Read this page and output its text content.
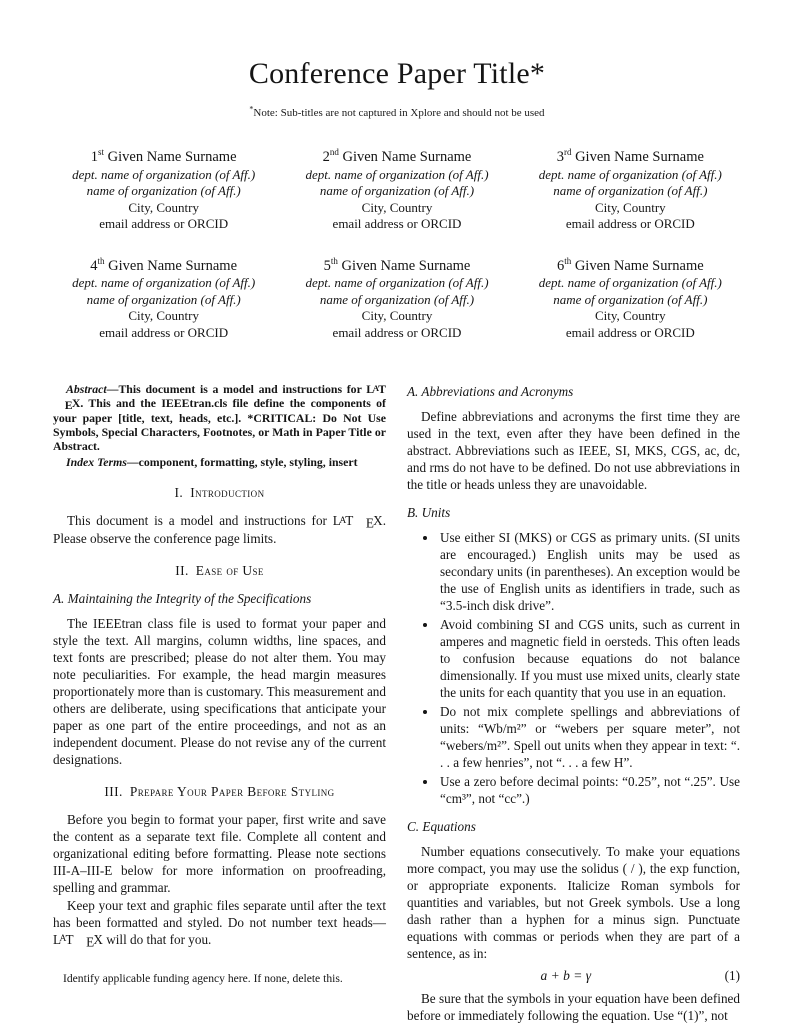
Conference Paper Title*
*Note: Sub-titles are not captured in Xplore and should not be used
1st Given Name Surname
dept. name of organization (of Aff.)
name of organization (of Aff.)
City, Country
email address or ORCID
2nd Given Name Surname
dept. name of organization (of Aff.)
name of organization (of Aff.)
City, Country
email address or ORCID
3rd Given Name Surname
dept. name of organization (of Aff.)
name of organization (of Aff.)
City, Country
email address or ORCID
4th Given Name Surname
dept. name of organization (of Aff.)
name of organization (of Aff.)
City, Country
email address or ORCID
5th Given Name Surname
dept. name of organization (of Aff.)
name of organization (of Aff.)
City, Country
email address or ORCID
6th Given Name Surname
dept. name of organization (of Aff.)
name of organization (of Aff.)
City, Country
email address or ORCID

Abstract—This document is a model and instructions for LATEX. This and the IEEEtran.cls file define the components of your paper [title, text, heads, etc.]. *CRITICAL: Do Not Use Symbols, Special Characters, Footnotes, or Math in Paper Title or Abstract.

Index Terms—component, formatting, style, styling, insert

I. Introduction

This document is a model and instructions for LAT EX. Please observe the conference page limits.

II. Ease of Use
A. Maintaining the Integrity of the Specifications

The IEEEtran class file is used to format your paper and style the text. All margins, column widths, line spaces, and text fonts are prescribed; please do not alter them. You may note peculiarities. For example, the head margin measures proportionately more than is customary. This measurement and others are deliberate, using specifications that anticipate your paper as one part of the entire proceedings, and not as an independent document. Please do not revise any of the current designations.

III. Prepare Your Paper Before Styling

Before you begin to format your paper, first write and save the content as a separate text file. Complete all content and organizational editing before formatting. Please note sections III-A–III-E below for more information on proofreading, spelling and grammar.

Keep your text and graphic files separate until after the text has been formatted and styled. Do not number text heads—LAT EX will do that for you.

Identify applicable funding agency here. If none, delete this.
A. Abbreviations and Acronyms

Define abbreviations and acronyms the first time they are used in the text, even after they have been defined in the abstract. Abbreviations such as IEEE, SI, MKS, CGS, ac, dc, and rms do not have to be defined. Do not use abbreviations in the title or heads unless they are unavoidable.

B. Units
• Use either SI (MKS) or CGS as primary units. (SI units are encouraged.) English units may be used as secondary units (in parentheses). An exception would be the use of English units as identifiers in trade, such as “3.5-inch disk drive”.
• Avoid combining SI and CGS units, such as current in amperes and magnetic field in oersteds. This often leads to confusion because equations do not balance dimensionally. If you must use mixed units, clearly state the units for each quantity that you use in an equation.
• Do not mix complete spellings and abbreviations of units: “Wb/m²” or “webers per square meter”, not “webers/m²”. Spell out units when they appear in text: “. . . a few henries”, not “. . . a few H”.
• Use a zero before decimal points: “0.25”, not “.25”. Use “cm³”, not “cc”.)
C. Equations

Number equations consecutively. To make your equations more compact, you may use the solidus ( / ), the exp function, or appropriate exponents. Italicize Roman symbols for quantities and variables, but not Greek symbols. Use a long dash rather than a hyphen for a minus sign. Punctuate equations with commas or periods when they are part of a sentence, as in:

a + b = γ	(1)

Be sure that the symbols in your equation have been defined before or immediately following the equation. Use “(1)”, not
